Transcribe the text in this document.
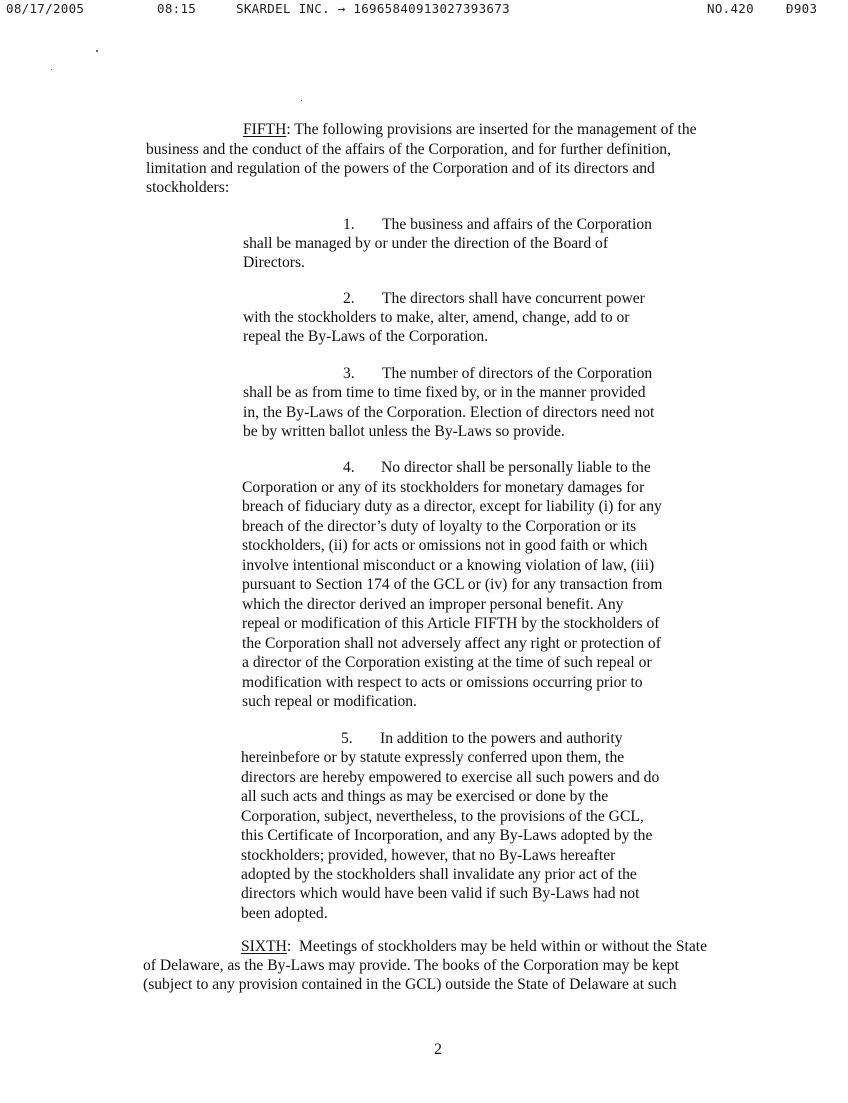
08/17/2005	08:15	SKARDEL INC. → 16965840913027393673	NO.420	Đ903
FIFTH: The following provisions are inserted for the management of the
business and the conduct of the affairs of the Corporation, and for further definition,
limitation and regulation of the powers of the Corporation and of its directors and
stockholders:
1. The business and affairs of the Corporation
shall be managed by or under the direction of the Board of
Directors.
2. The directors shall have concurrent power
with the stockholders to make, alter, amend, change, add to or
repeal the By-Laws of the Corporation.
3. The number of directors of the Corporation
shall be as from time to time fixed by, or in the manner provided
in, the By-Laws of the Corporation. Election of directors need not
be by written ballot unless the By-Laws so provide.
4. No director shall be personally liable to the
Corporation or any of its stockholders for monetary damages for
breach of fiduciary duty as a director, except for liability (i) for any
breach of the director’s duty of loyalty to the Corporation or its
stockholders, (ii) for acts or omissions not in good faith or which
involve intentional misconduct or a knowing violation of law, (iii)
pursuant to Section 174 of the GCL or (iv) for any transaction from
which the director derived an improper personal benefit. Any
repeal or modification of this Article FIFTH by the stockholders of
the Corporation shall not adversely affect any right or protection of
a director of the Corporation existing at the time of such repeal or
modification with respect to acts or omissions occurring prior to
such repeal or modification.
5. In addition to the powers and authority
hereinbefore or by statute expressly conferred upon them, the
directors are hereby empowered to exercise all such powers and do
all such acts and things as may be exercised or done by the
Corporation, subject, nevertheless, to the provisions of the GCL,
this Certificate of Incorporation, and any By-Laws adopted by the
stockholders; provided, however, that no By-Laws hereafter
adopted by the stockholders shall invalidate any prior act of the
directors which would have been valid if such By-Laws had not
been adopted.
SIXTH:  Meetings of stockholders may be held within or without the State
of Delaware, as the By-Laws may provide. The books of the Corporation may be kept
(subject to any provision contained in the GCL) outside the State of Delaware at such
2
